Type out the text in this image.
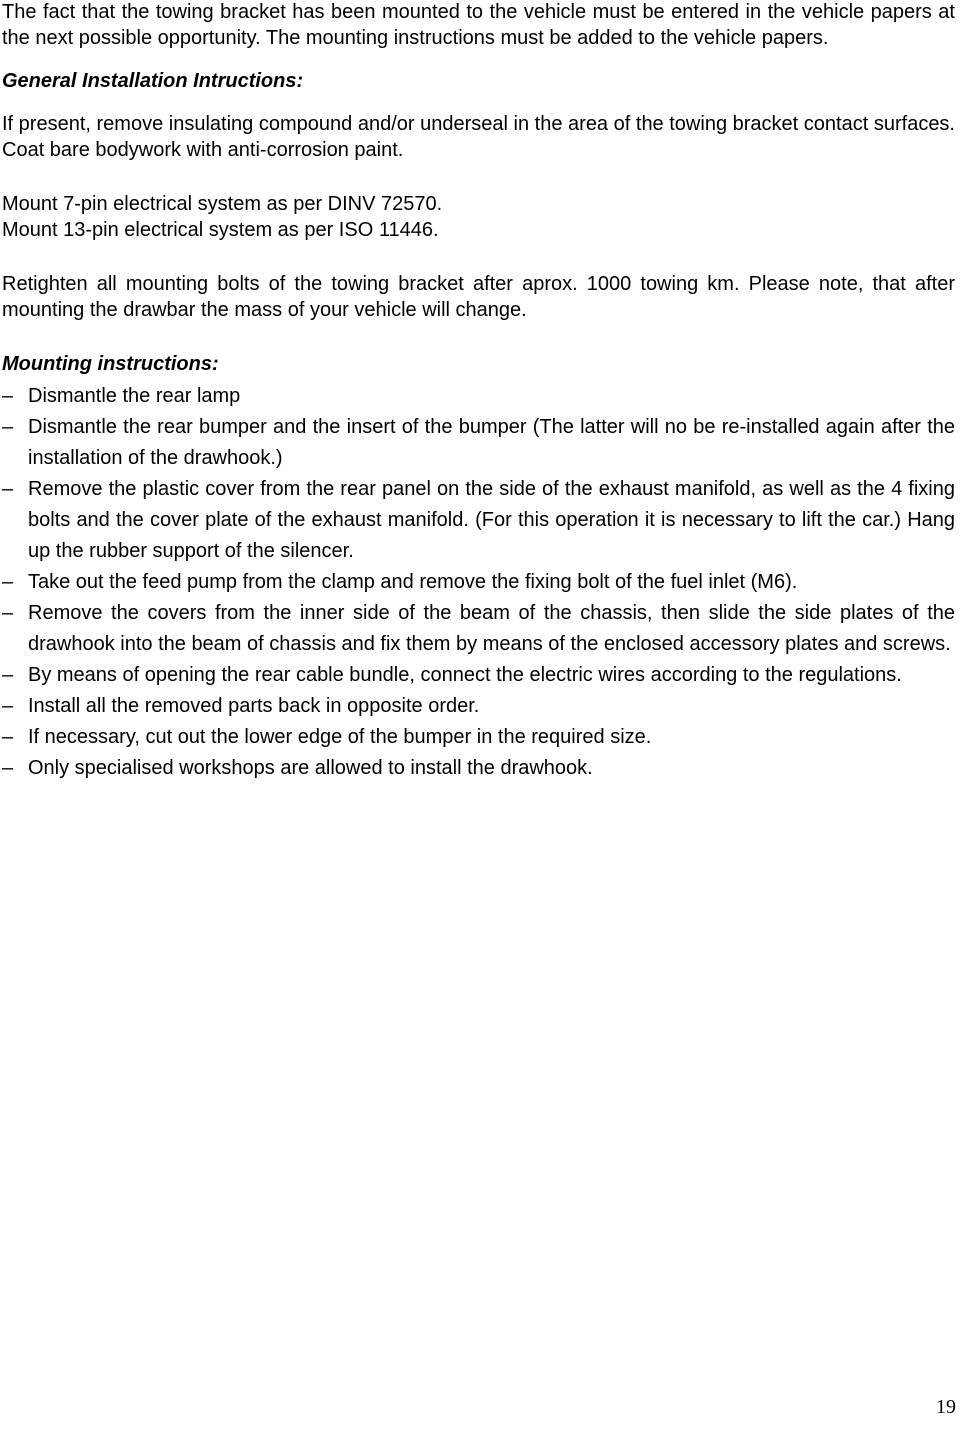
The fact that the towing bracket has been mounted to the vehicle must be entered in the vehicle papers at the next possible opportunity. The mounting instructions must be added to the vehicle papers.

General Installation Intructions:

If present, remove insulating compound and/or underseal in the area of the towing bracket contact surfaces. Coat bare bodywork with anti-corrosion paint.

Mount 7-pin electrical system as per DINV 72570.

Mount 13-pin electrical system as per ISO 11446.

Retighten all mounting bolts of the towing bracket after aprox. 1000 towing km. Please note, that after mounting the drawbar the mass of your vehicle will change.

Mounting instructions:

– Dismantle the rear lamp
– Dismantle the rear bumper and the insert of the bumper (The latter will no be re-installed again after the installation of the drawhook.)
– Remove the plastic cover from the rear panel on the side of the exhaust manifold, as well as the 4 fixing bolts and the cover plate of the exhaust manifold. (For this operation it is necessary to lift the car.) Hang up the rubber support of the silencer.
– Take out the feed pump from the clamp and remove the fixing bolt of the fuel inlet (M6).
– Remove the covers from the inner side of the beam of the chassis, then slide the side plates of the drawhook into the beam of chassis and fix them by means of the enclosed accessory plates and screws.
– By means of opening the rear cable bundle, connect the electric wires according to the regulations.
– Install all the removed parts back in opposite order.
– If necessary, cut out the lower edge of the bumper in the required size.
– Only specialised workshops are allowed to install the drawhook.
19
